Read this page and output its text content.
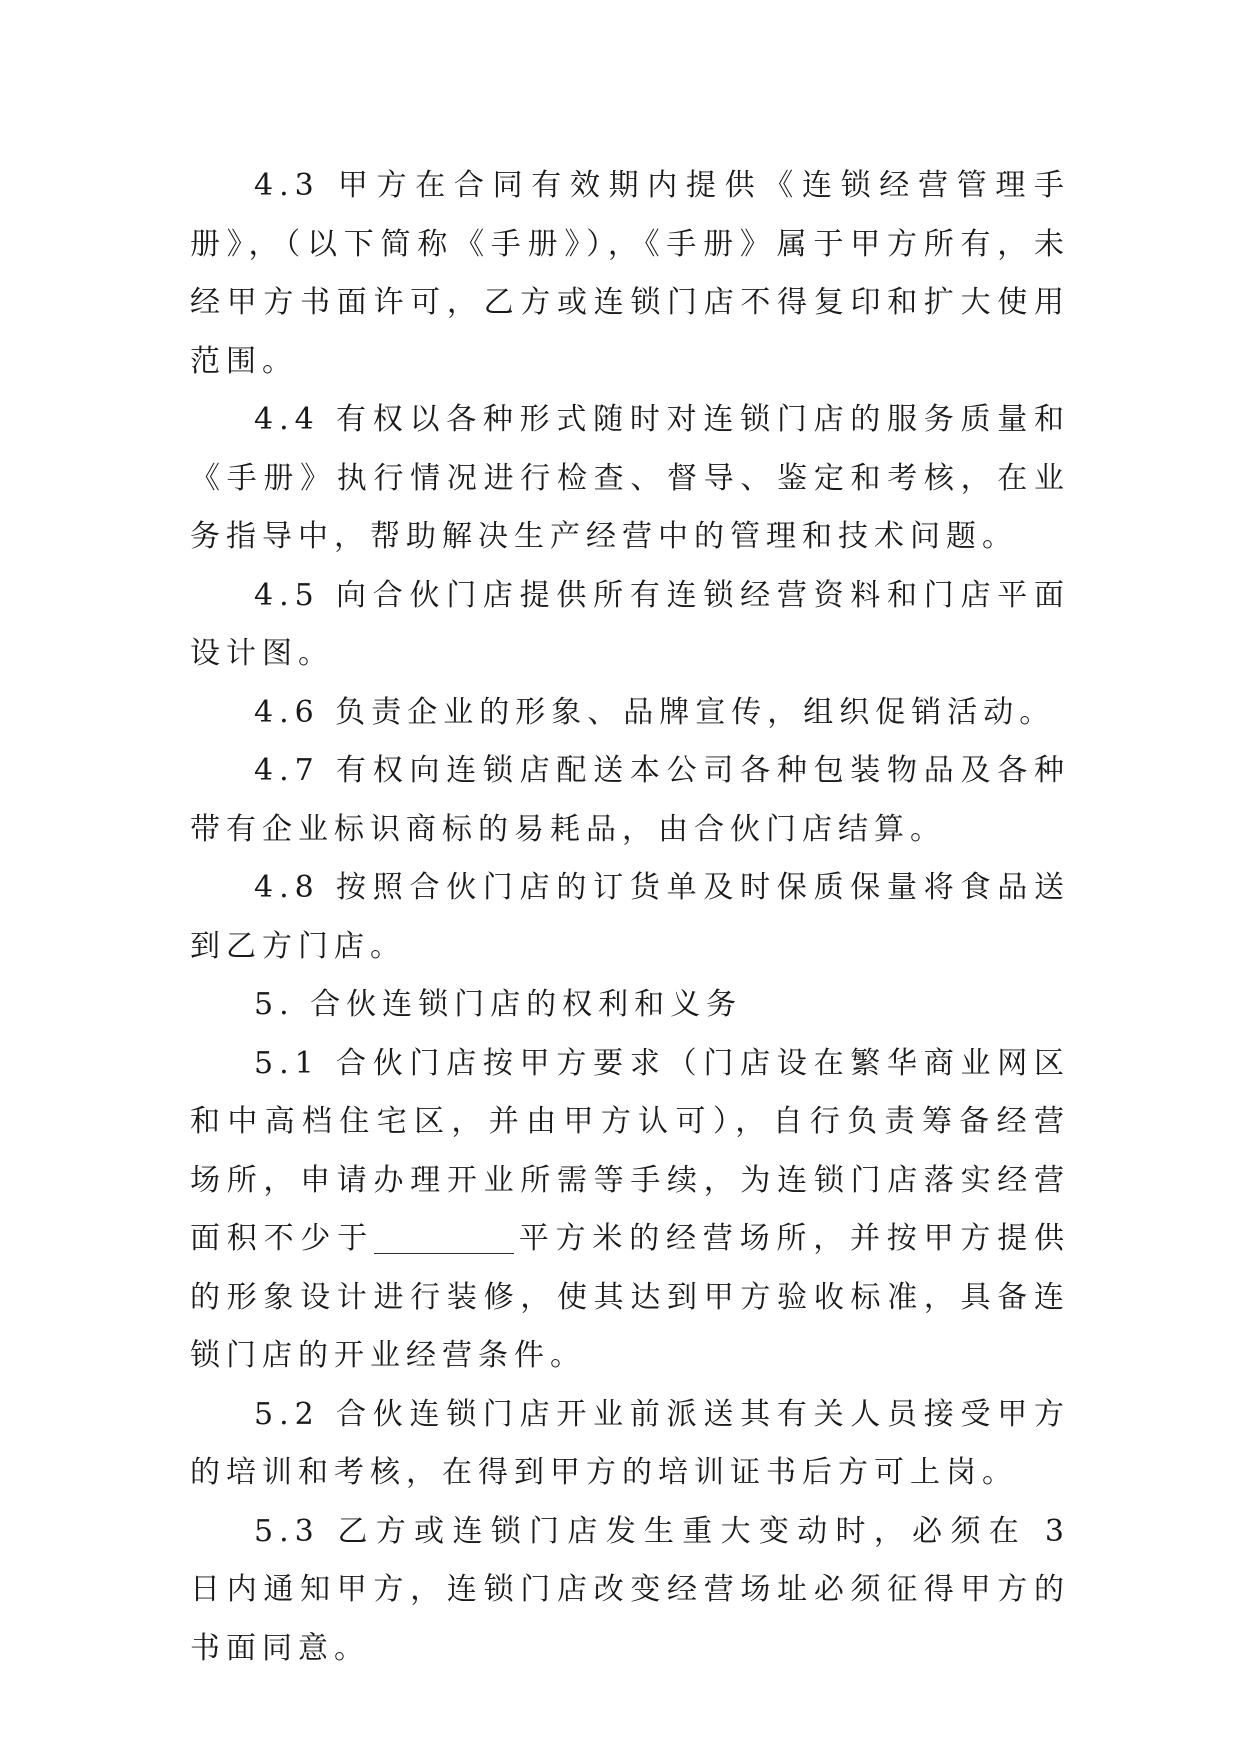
4.3 甲方在合同有效期内提供《连锁经营管理手册》，（以下简称《手册》），《手册》属于甲方所有，未经甲方书面许可，乙方或连锁门店不得复印和扩大使用范围。

4.4 有权以各种形式随时对连锁门店的服务质量和《手册》执行情况进行检查、督导、鉴定和考核，在业务指导中，帮助解决生产经营中的管理和技术问题。

4.5 向合伙门店提供所有连锁经营资料和门店平面设计图。

4.6 负责企业的形象、品牌宣传，组织促销活动。

4.7 有权向连锁店配送本公司各种包装物品及各种带有企业标识商标的易耗品，由合伙门店结算。

4.8 按照合伙门店的订货单及时保质保量将食品送到乙方门店。

5. 合伙连锁门店的权利和义务

5.1 合伙门店按甲方要求（门店设在繁华商业网区和中高档住宅区，并由甲方认可），自行负责筹备经营场所，申请办理开业所需等手续，为连锁门店落实经营面积不少于	平方米的经营场所，并按甲方提供的形象设计进行装修，使其达到甲方验收标准，具备连锁门店的开业经营条件。

5.2 合伙连锁门店开业前派送其有关人员接受甲方的培训和考核，在得到甲方的培训证书后方可上岗。

5.3 乙方或连锁门店发生重大变动时，必须在 3 日内通知甲方，连锁门店改变经营场址必须征得甲方的书面同意。
